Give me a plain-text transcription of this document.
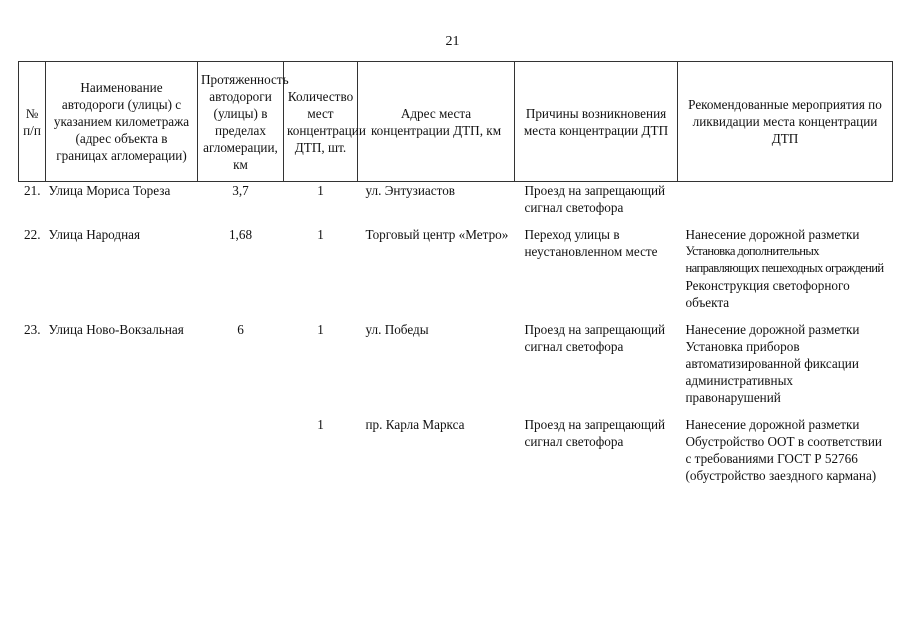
21
№ п/п	Наименование автодороги (улицы) с указанием километража (адрес объекта в границах агломерации)	Протяженность автодороги (улицы) в пределах агломерации, км	Количество мест концентрации ДТП, шт.	Адрес места концентрации ДТП, км	Причины возникновения места концентрации ДТП	Рекомендованные мероприятия по ликвидации места концентрации ДТП
21.	Улица Мориса Тореза	3,7	1	ул. Энтузиастов	Проезд на запрещающий сигнал светофора	
22.	Улица Народная	1,68	1	Торговый центр «Метро»	Переход улицы в неустановленном месте	Нанесение дорожной разметки
Установка дополнительных направляющих пешеходных ограждений
Реконструкция светофорного объекта

23.	Улица Ново-Вокзальная	6	1	ул. Победы	Проезд на запрещающий сигнал светофора	Нанесение дорожной разметки
Установка приборов автоматизированной фиксации административных правонарушений

			1	пр. Карла Маркса	Проезд на запрещающий сигнал светофора	Нанесение дорожной разметки
Обустройство ООТ в соответствии с требованиями ГОСТ Р 52766 (обустройство заездного кармана)
